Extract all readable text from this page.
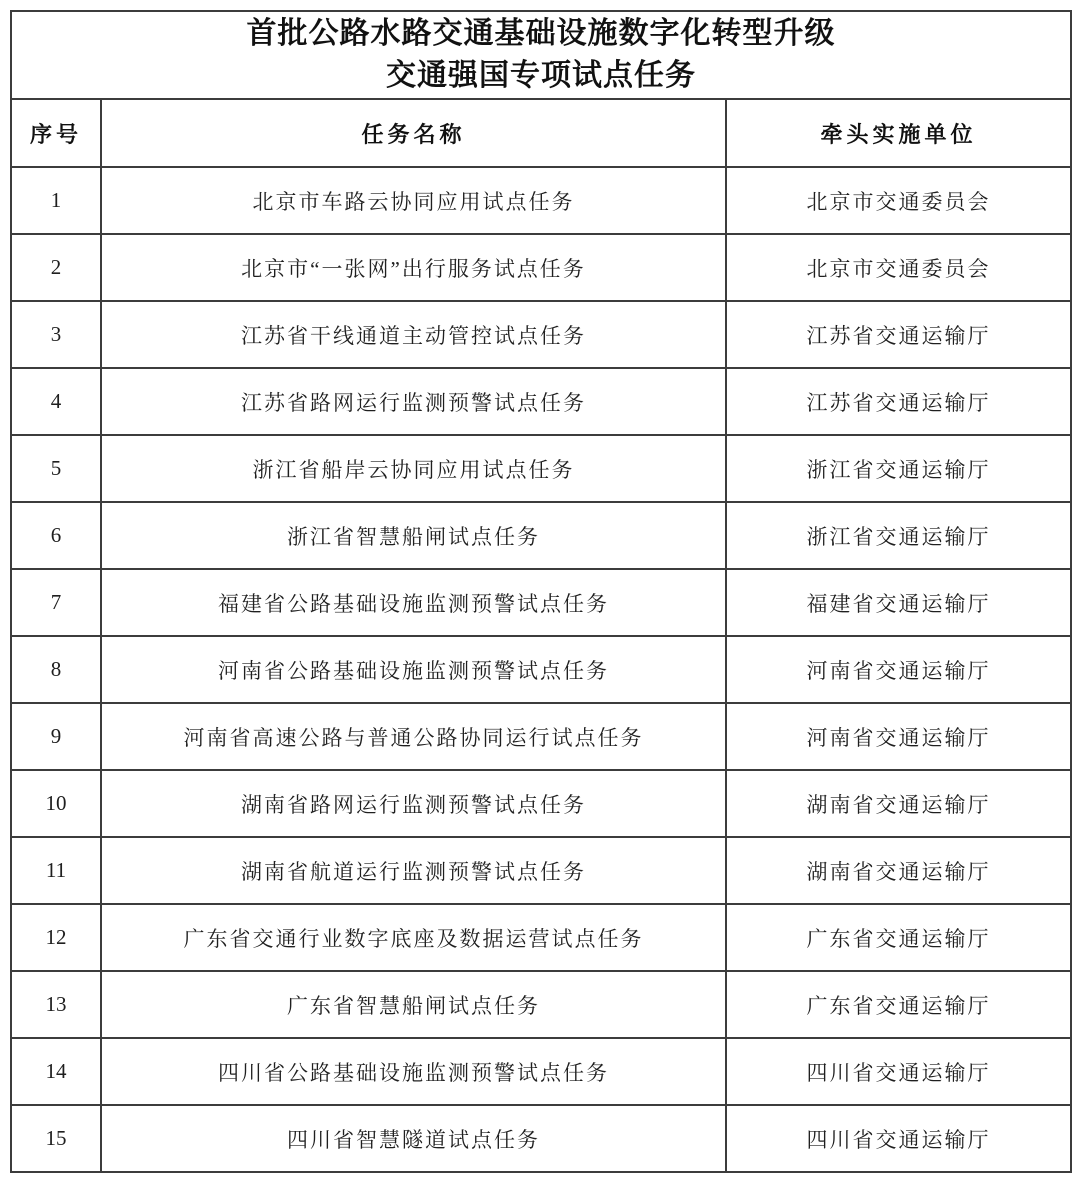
首批公路水路交通基础设施数字化转型升级
交通强国专项试点任务		

序号	任务名称	牵头实施单位
1	北京市车路云协同应用试点任务	北京市交通委员会
2	北京市“一张网”出行服务试点任务	北京市交通委员会
3	江苏省干线通道主动管控试点任务	江苏省交通运输厅
4	江苏省路网运行监测预警试点任务	江苏省交通运输厅
5	浙江省船岸云协同应用试点任务	浙江省交通运输厅
6	浙江省智慧船闸试点任务	浙江省交通运输厅
7	福建省公路基础设施监测预警试点任务	福建省交通运输厅
8	河南省公路基础设施监测预警试点任务	河南省交通运输厅
9	河南省高速公路与普通公路协同运行试点任务	河南省交通运输厅
10	湖南省路网运行监测预警试点任务	湖南省交通运输厅
11	湖南省航道运行监测预警试点任务	湖南省交通运输厅
12	广东省交通行业数字底座及数据运营试点任务	广东省交通运输厅
13	广东省智慧船闸试点任务	广东省交通运输厅
14	四川省公路基础设施监测预警试点任务	四川省交通运输厅
15	四川省智慧隧道试点任务	四川省交通运输厅
